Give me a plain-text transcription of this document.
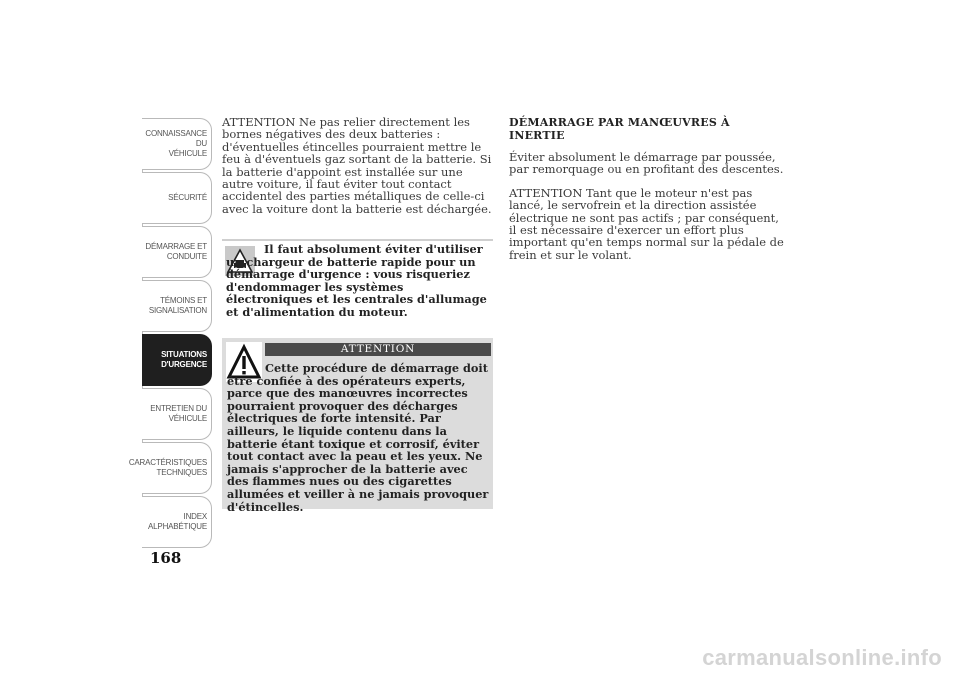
CONNAISSANCE DU
VÉHICULE
SÉCURITÉ
DÉMARRAGE ET
CONDUITE
TÉMOINS ET
SIGNALISATION
SITUATIONS
D'URGENCE
ENTRETIEN DU
VÉHICULE
CARACTÉRISTIQUES
TECHNIQUES
INDEX
ALPHABÉTIQUE
168

ATTENTION Ne pas relier directement les bornes négatives des deux batteries : d'éventuelles étincelles pourraient mettre le feu à d'éventuels gaz sortant de la batterie. Si la batterie d'appoint est installée sur une autre voiture, il faut éviter tout contact accidentel des parties métalliques de celle-ci avec la voiture dont la batterie est déchargée.

Il faut absolument éviter d'utiliser un chargeur de batterie rapide pour un démarrage d'urgence : vous risqueriez d'endommager les systèmes électroniques et les centrales d'allumage et d'alimentation du moteur.

ATTENTION

Cette procédure de démarrage doit être confiée à des opérateurs experts, parce que des manœuvres incorrectes pourraient provoquer des décharges électriques de forte intensité. Par ailleurs, le liquide contenu dans la batterie étant toxique et corrosif, éviter tout contact avec la peau et les yeux. Ne jamais s'approcher de la batterie avec des flammes nues ou des cigarettes allumées et veiller à ne jamais provoquer d'étincelles.

DÉMARRAGE PAR MANŒUVRES À INERTIE

Éviter absolument le démarrage par poussée, par remorquage ou en profitant des descentes.

ATTENTION Tant que le moteur n'est pas lancé, le servofrein et la direction assistée électrique ne sont pas actifs ; par conséquent, il est nécessaire d'exercer un effort plus important qu'en temps normal sur la pédale de frein et sur le volant.

carmanualsonline.info
